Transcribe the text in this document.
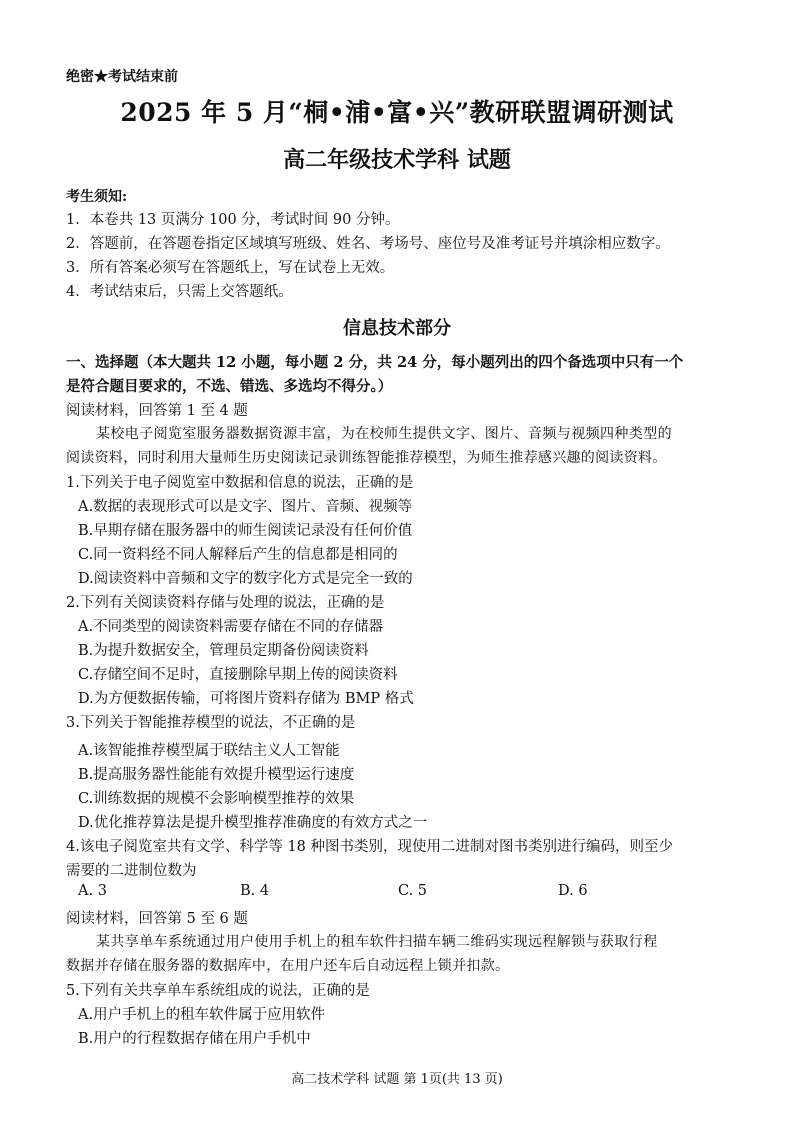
绝密★考试结束前
2025 年 5 月“桐•浦•富•兴”教研联盟调研测试
高二年级技术学科 试题
考生须知:
1．本卷共 13 页满分 100 分，考试时间 90 分钟。
2．答题前，在答题卷指定区域填写班级、姓名、考场号、座位号及准考证号并填涂相应数字。
3．所有答案必须写在答题纸上，写在试卷上无效。
4．考试结束后，只需上交答题纸。
信息技术部分
一、选择题（本大题共 12 小题，每小题 2 分，共 24 分，每小题列出的四个备选项中只有一个
是符合题目要求的，不选、错选、多选均不得分。）
阅读材料，回答第 1 至 4 题
某校电子阅览室服务器数据资源丰富，为在校师生提供文字、图片、音频与视频四种类型的
阅读资料，同时利用大量师生历史阅读记录训练智能推荐模型，为师生推荐感兴趣的阅读资料。
1.下列关于电子阅览室中数据和信息的说法，正确的是
A.数据的表现形式可以是文字、图片、音频、视频等
B.早期存储在服务器中的师生阅读记录没有任何价值
C.同一资料经不同人解释后产生的信息都是相同的
D.阅读资料中音频和文字的数字化方式是完全一致的
2.下列有关阅读资料存储与处理的说法，正确的是
A.不同类型的阅读资料需要存储在不同的存储器
B.为提升数据安全，管理员定期备份阅读资料
C.存储空间不足时，直接删除早期上传的阅读资料
D.为方便数据传输，可将图片资料存储为 BMP 格式
3.下列关于智能推荐模型的说法，不正确的是
A.该智能推荐模型属于联结主义人工智能
B.提高服务器性能能有效提升模型运行速度
C.训练数据的规模不会影响模型推荐的效果
D.优化推荐算法是提升模型推荐准确度的有效方式之一
4.该电子阅览室共有文学、科学等 18 种图书类别，现使用二进制对图书类别进行编码，则至少
需要的二进制位数为
A. 3	B. 4	C. 5	D. 6
阅读材料，回答第 5 至 6 题
某共享单车系统通过用户使用手机上的租车软件扫描车辆二维码实现远程解锁与获取行程
数据并存储在服务器的数据库中，在用户还车后自动远程上锁并扣款。
5.下列有关共享单车系统组成的说法，正确的是
A.用户手机上的租车软件属于应用软件
B.用户的行程数据存储在用户手机中
高二技术学科 试题 第 1页(共 13 页)
